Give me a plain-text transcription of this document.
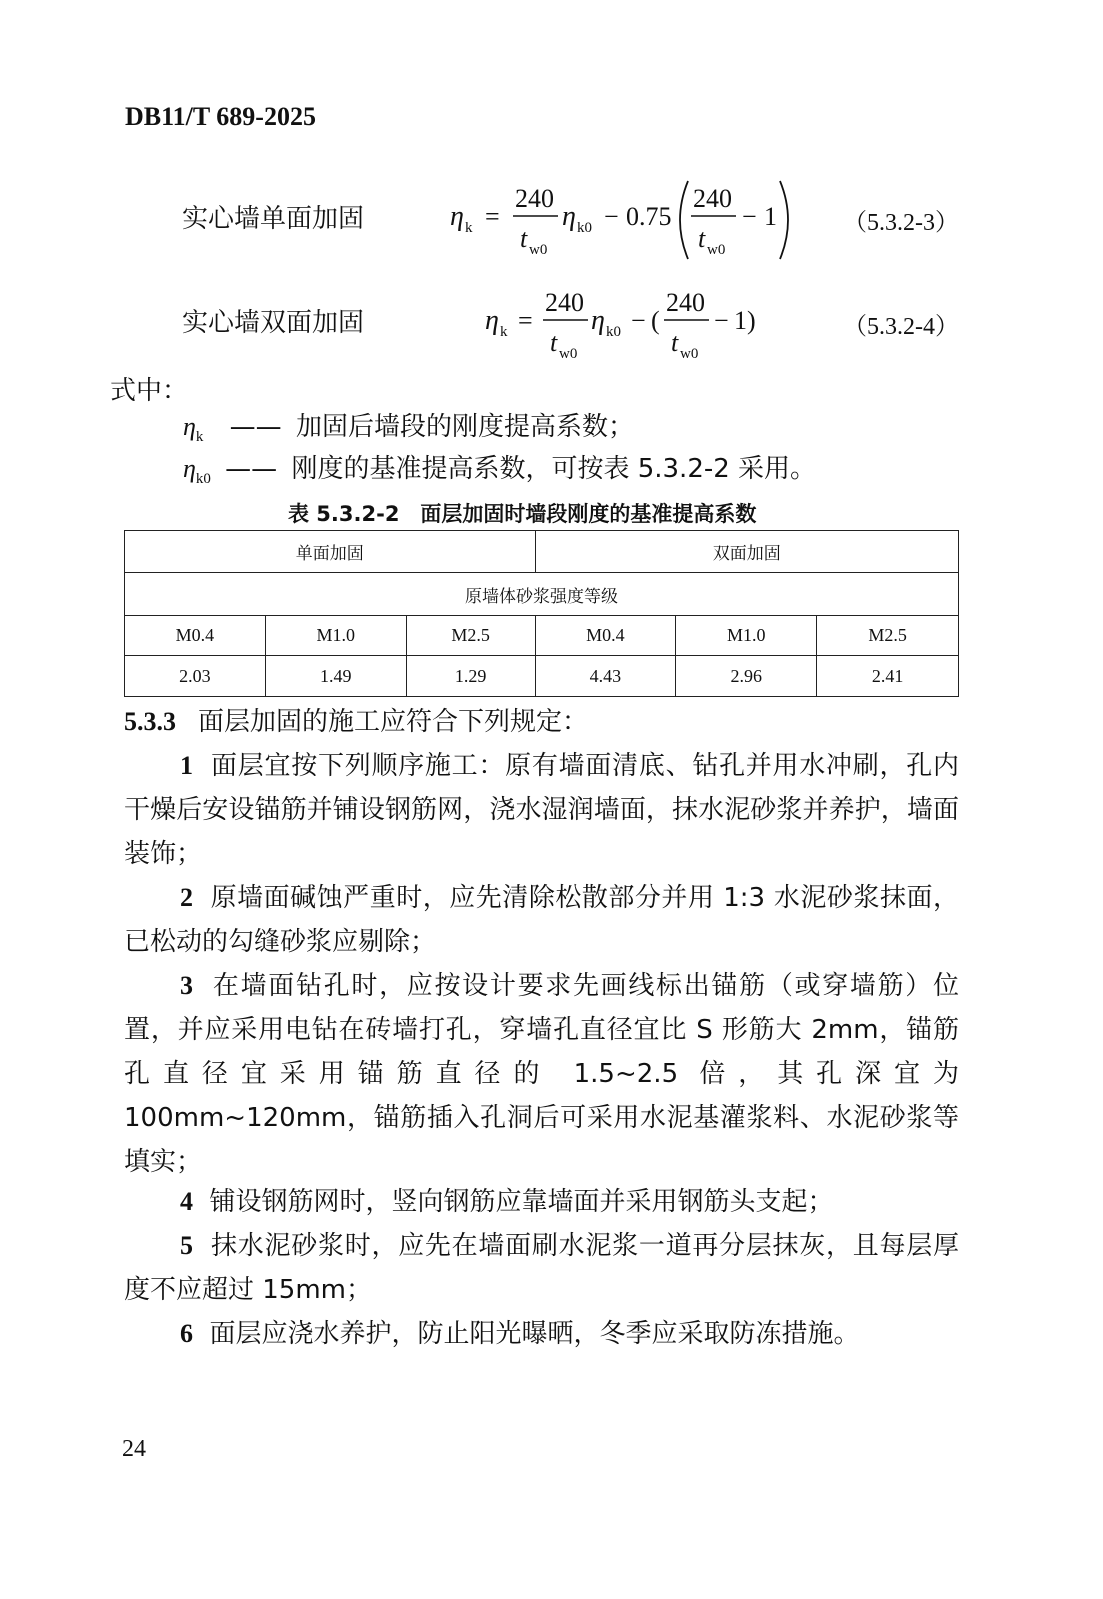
DB11/T 689-2025
实心墙单面加固	η k =
240
t w0
η k0 − 0.75
240
t w0
− 1	（5.3.2-3）
实心墙双面加固	η k =
240
t w0
η k0 − (
240
t w0
− 1 )	（5.3.2-4）
式中：
$\eta_k$ —— 加固后墙段的刚度提高系数；
$\eta_{k0}$ —— 刚度的基准提高系数，可按表 5.3.2-2 采用。
表 5.3.2-2　面层加固时墙段刚度的基准提高系数
单面加固			双面加固		
原墙体砂浆强度等级					
M0.4	M1.0	M2.5	M0.4	M1.0	M2.5
2.03	1.49	1.29	4.43	2.96	2.41
5.3.3 面层加固的施工应符合下列规定：
1 面层宜按下列顺序施工：原有墙面清底、钻孔并用水冲刷，孔内干燥后安设锚筋并铺设钢筋网，浇水湿润墙面，抹水泥砂浆并养护，墙面装饰；
2 原墙面碱蚀严重时，应先清除松散部分并用 1:3 水泥砂浆抹面，已松动的勾缝砂浆应剔除；
3 在墙面钻孔时，应按设计要求先画线标出锚筋（或穿墙筋）位置，并应采用电钻在砖墙打孔，穿墙孔直径宜比 S 形筋大 2mm，锚筋孔直径宜采用锚筋直径的 1.5~2.5 倍，其孔深宜为 100mm~120mm，锚筋插入孔洞后可采用水泥基灌浆料、水泥砂浆等填实；
4 铺设钢筋网时，竖向钢筋应靠墙面并采用钢筋头支起；
5 抹水泥砂浆时，应先在墙面刷水泥浆一道再分层抹灰，且每层厚度不应超过 15mm；
6 面层应浇水养护，防止阳光曝晒，冬季应采取防冻措施。
24
